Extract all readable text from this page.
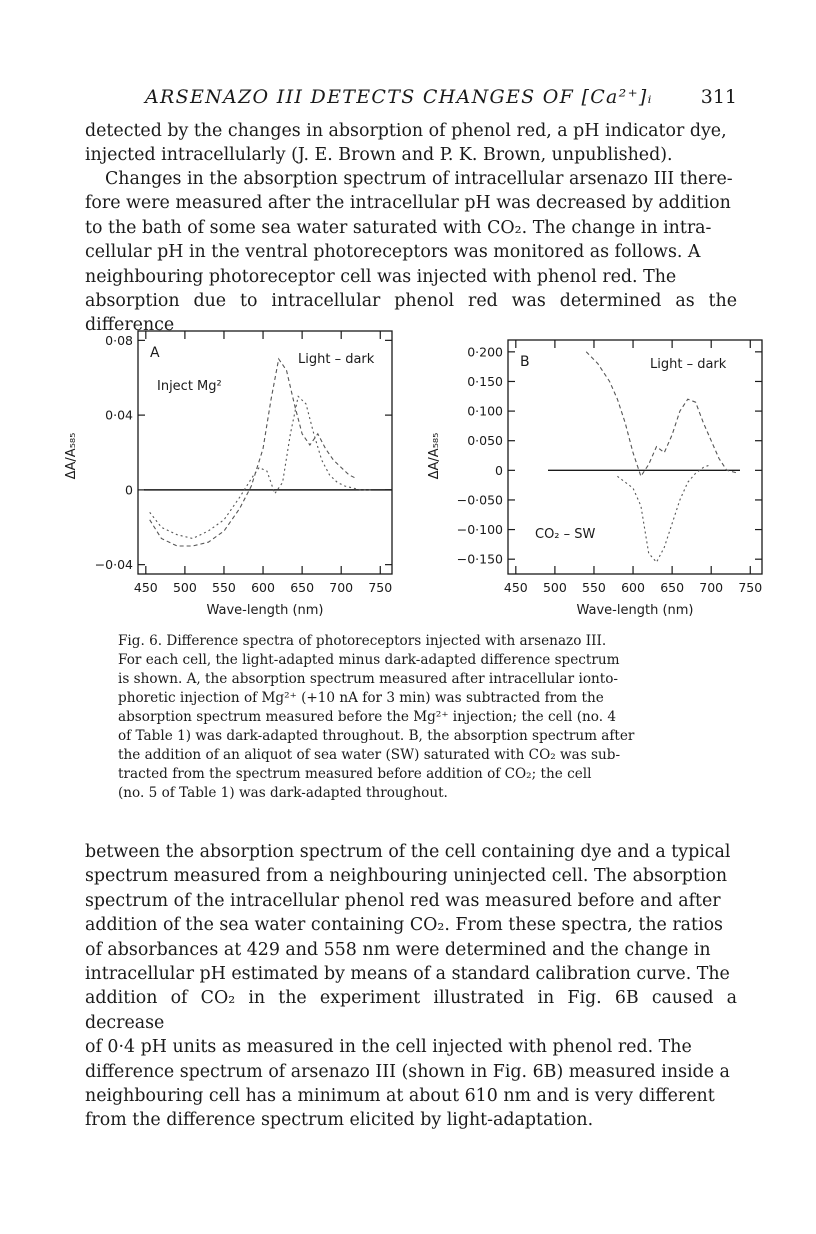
ARSENAZO III DETECTS CHANGES OF [Ca²⁺]ᵢ	311

detected by the changes in absorption of phenol red, a pH indicator dye,
injected intracellularly (J. E. Brown and P. K. Brown, unpublished).

Changes in the absorption spectrum of intracellular arsenazo III there-
fore were measured after the intracellular pH was decreased by addition
to the bath of some sea water saturated with CO₂. The change in intra-
cellular pH in the ventral photoreceptors was monitored as follows. A
neighbouring photoreceptor cell was injected with phenol red. The
absorption due to intracellular phenol red was determined as the difference

450 500 550 600 650 700 750
0·08
0·04
0
−0·04
A	Light – dark
Inject Mg²
Wave-length (nm)
ΔA/A₅₈₅
450 500 550 600 650 700 750
0·200
0·150
0·100
0·050
0
−0·050
−0·100
−0·150
B	Light – dark
CO₂ – SW
Wave-length (nm)
ΔA/A₅₈₅

Fig. 6. Difference spectra of photoreceptors injected with arsenazo III.
For each cell, the light-adapted minus dark-adapted difference spectrum
is shown. A, the absorption spectrum measured after intracellular ionto-
phoretic injection of Mg²⁺ (+10 nA for 3 min) was subtracted from the
absorption spectrum measured before the Mg²⁺ injection; the cell (no. 4
of Table 1) was dark-adapted throughout. B, the absorption spectrum after
the addition of an aliquot of sea water (SW) saturated with CO₂ was sub-
tracted from the spectrum measured before addition of CO₂; the cell
(no. 5 of Table 1) was dark-adapted throughout.

between the absorption spectrum of the cell containing dye and a typical
spectrum measured from a neighbouring uninjected cell. The absorption
spectrum of the intracellular phenol red was measured before and after
addition of the sea water containing CO₂. From these spectra, the ratios
of absorbances at 429 and 558 nm were determined and the change in
intracellular pH estimated by means of a standard calibration curve. The
addition of CO₂ in the experiment illustrated in Fig. 6B caused a decrease
of 0·4 pH units as measured in the cell injected with phenol red. The
difference spectrum of arsenazo III (shown in Fig. 6B) measured inside a
neighbouring cell has a minimum at about 610 nm and is very different
from the difference spectrum elicited by light-adaptation.
